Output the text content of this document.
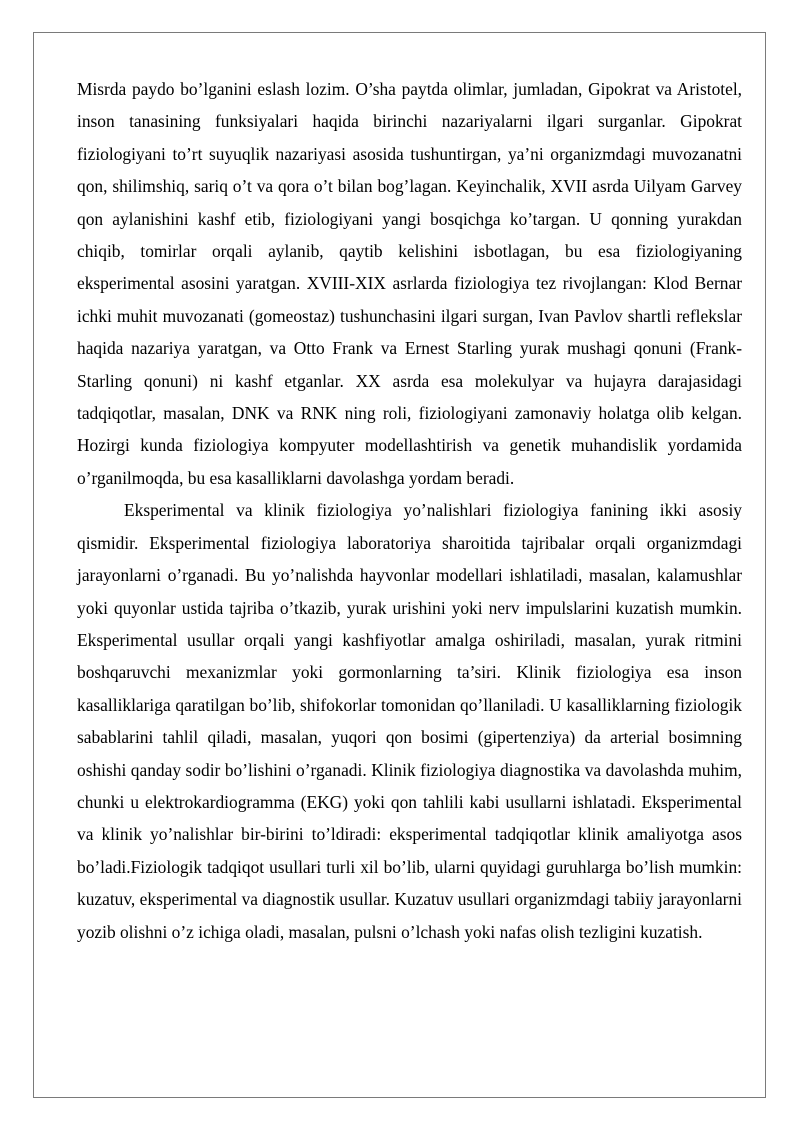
Misrda paydo bo’lganini eslash lozim. O’sha paytda olimlar, jumladan, Gipokrat va Aristotel, inson tanasining funksiyalari haqida birinchi nazariyalarni ilgari surganlar. Gipokrat fiziologiyani to’rt suyuqlik nazariyasi asosida tushuntirgan, ya’ni organizmdagi muvozanatni qon, shilimshiq, sariq o’t va qora o’t bilan bog’lagan. Keyinchalik, XVII asrda Uilyam Garvey qon aylanishini kashf etib, fiziologiyani yangi bosqichga ko’targan. U qonning yurakdan chiqib, tomirlar orqali aylanib, qaytib kelishini isbotlagan, bu esa fiziologiyaning eksperimental asosini yaratgan. XVIII-XIX asrlarda fiziologiya tez rivojlangan: Klod Bernar ichki muhit muvozanati (gomeostaz) tushunchasini ilgari surgan, Ivan Pavlov shartli reflekslar haqida nazariya yaratgan, va Otto Frank va Ernest Starling yurak mushagi qonuni (Frank-Starling qonuni) ni kashf etganlar. XX asrda esa molekulyar va hujayra darajasidagi tadqiqotlar, masalan, DNK va RNK ning roli, fiziologiyani zamonaviy holatga olib kelgan. Hozirgi kunda fiziologiya kompyuter modellashtirish va genetik muhandislik yordamida o’rganilmoqda, bu esa kasalliklarni davolashga yordam beradi.

Eksperimental va klinik fiziologiya yo’nalishlari fiziologiya fanining ikki asosiy qismidir. Eksperimental fiziologiya laboratoriya sharoitida tajribalar orqali organizmdagi jarayonlarni o’rganadi. Bu yo’nalishda hayvonlar modellari ishlatiladi, masalan, kalamushlar yoki quyonlar ustida tajriba o’tkazib, yurak urishini yoki nerv impulslarini kuzatish mumkin. Eksperimental usullar orqali yangi kashfiyotlar amalga oshiriladi, masalan, yurak ritmini boshqaruvchi mexanizmlar yoki gormonlarning ta’siri. Klinik fiziologiya esa inson kasalliklariga qaratilgan bo’lib, shifokorlar tomonidan qo’llaniladi. U kasalliklarning fiziologik sabablarini tahlil qiladi, masalan, yuqori qon bosimi (gipertenziya) da arterial bosimning oshishi qanday sodir bo’lishini o’rganadi. Klinik fiziologiya diagnostika va davolashda muhim, chunki u elektrokardiogramma (EKG) yoki qon tahlili kabi usullarni ishlatadi. Eksperimental va klinik yo’nalishlar bir-birini to’ldiradi: eksperimental tadqiqotlar klinik amaliyotga asos bo’ladi.Fiziologik tadqiqot usullari turli xil bo’lib, ularni quyidagi guruhlarga bo’lish mumkin: kuzatuv, eksperimental va diagnostik usullar. Kuzatuv usullari organizmdagi tabiiy jarayonlarni yozib olishni o’z ichiga oladi, masalan, pulsni o’lchash yoki nafas olish tezligini kuzatish.
